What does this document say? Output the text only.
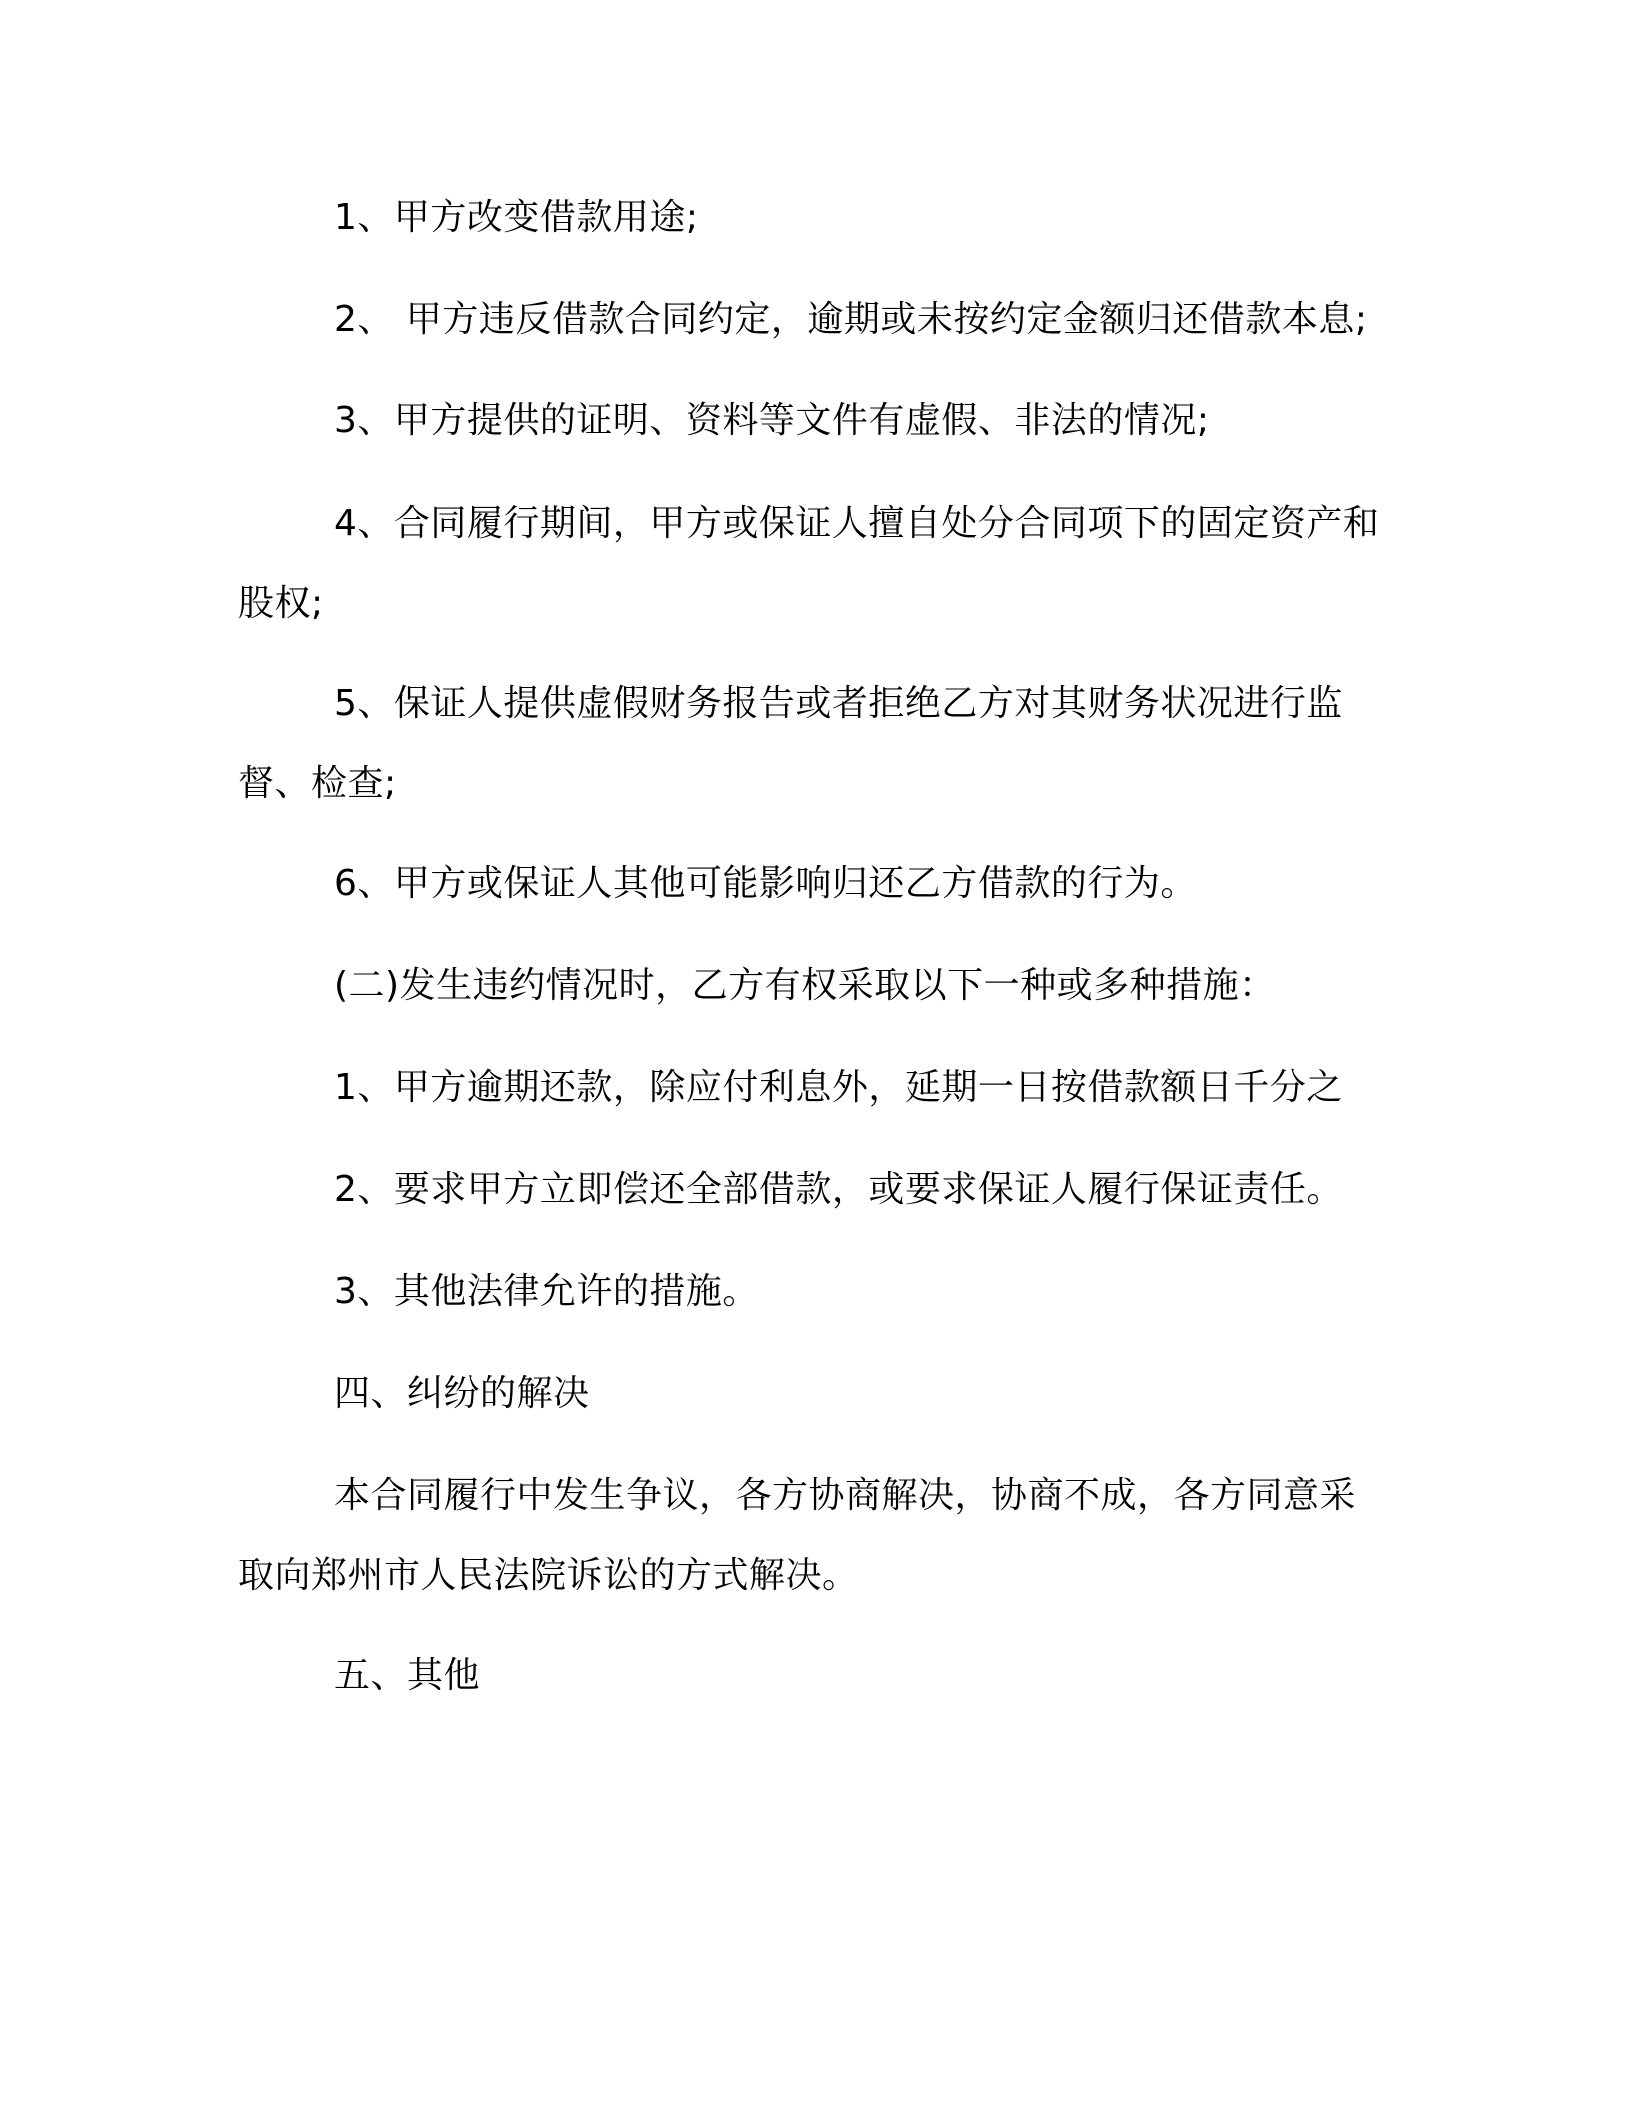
1、甲方改变借款用途;
2、 甲方违反借款合同约定，逾期或未按约定金额归还借款本息;
3、甲方提供的证明、资料等文件有虚假、非法的情况;
4、合同履行期间，甲方或保证人擅自处分合同项下的固定资产和股权;
5、保证人提供虚假财务报告或者拒绝乙方对其财务状况进行监督、检查;
6、甲方或保证人其他可能影响归还乙方借款的行为。
(二)发生违约情况时，乙方有权采取以下一种或多种措施：
1、甲方逾期还款，除应付利息外，延期一日按借款额日千分之
2、要求甲方立即偿还全部借款，或要求保证人履行保证责任。
3、其他法律允许的措施。
四、纠纷的解决
本合同履行中发生争议，各方协商解决，协商不成，各方同意采取向郑州市人民法院诉讼的方式解决。
五、其他
